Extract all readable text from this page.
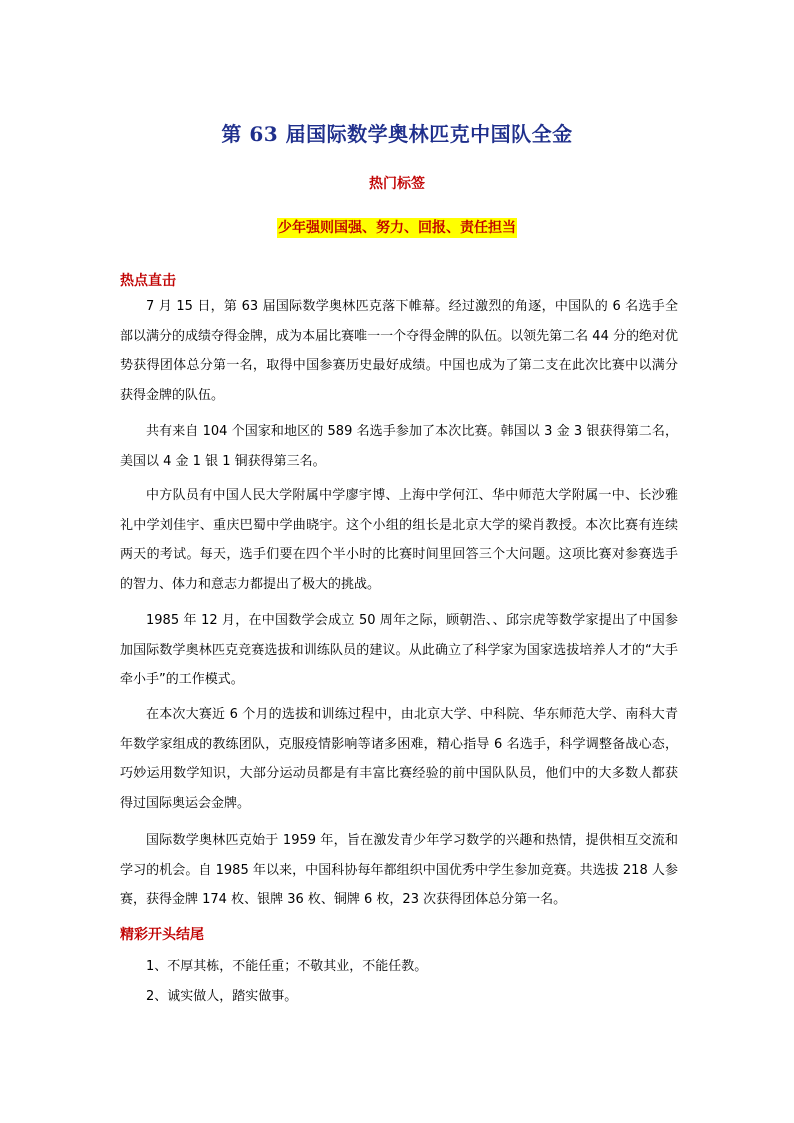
第 63 届国际数学奥林匹克中国队全金
热门标签
少年强则国强、努力、回报、责任担当
热点直击

7 月 15 日，第 63 届国际数学奥林匹克落下帷幕。经过激烈的角逐，中国队的 6 名选手全部以满分的成绩夺得金牌，成为本届比赛唯一一个夺得金牌的队伍。以领先第二名 44 分的绝对优势获得团体总分第一名，取得中国参赛历史最好成绩。中国也成为了第二支在此次比赛中以满分获得金牌的队伍。

共有来自 104 个国家和地区的 589 名选手参加了本次比赛。韩国以 3 金 3 银获得第二名，美国以 4 金 1 银 1 铜获得第三名。

中方队员有中国人民大学附属中学廖宇博、上海中学何江、华中师范大学附属一中、长沙雅礼中学刘佳宇、重庆巴蜀中学曲晓宇。这个小组的组长是北京大学的梁肖教授。本次比赛有连续两天的考试。每天，选手们要在四个半小时的比赛时间里回答三个大问题。这项比赛对参赛选手的智力、体力和意志力都提出了极大的挑战。

1985 年 12 月，在中国数学会成立 50 周年之际，顾朝浩、、邱宗虎等数学家提出了中国参加国际数学奥林匹克竞赛选拔和训练队员的建议。从此确立了科学家为国家选拔培养人才的“大手牵小手”的工作模式。

在本次大赛近 6 个月的选拔和训练过程中，由北京大学、中科院、华东师范大学、南科大青年数学家组成的教练团队，克服疫情影响等诸多困难，精心指导 6 名选手，科学调整备战心态，巧妙运用数学知识，大部分运动员都是有丰富比赛经验的前中国队队员，他们中的大多数人都获得过国际奥运会金牌。

国际数学奥林匹克始于 1959 年，旨在激发青少年学习数学的兴趣和热情，提供相互交流和学习的机会。自 1985 年以来，中国科协每年都组织中国优秀中学生参加竞赛。共选拔 218 人参赛，获得金牌 174 枚、银牌 36 枚、铜牌 6 枚，23 次获得团体总分第一名。

精彩开头结尾

1、不厚其栋，不能任重；不敬其业，不能任教。

2、诚实做人，踏实做事。
